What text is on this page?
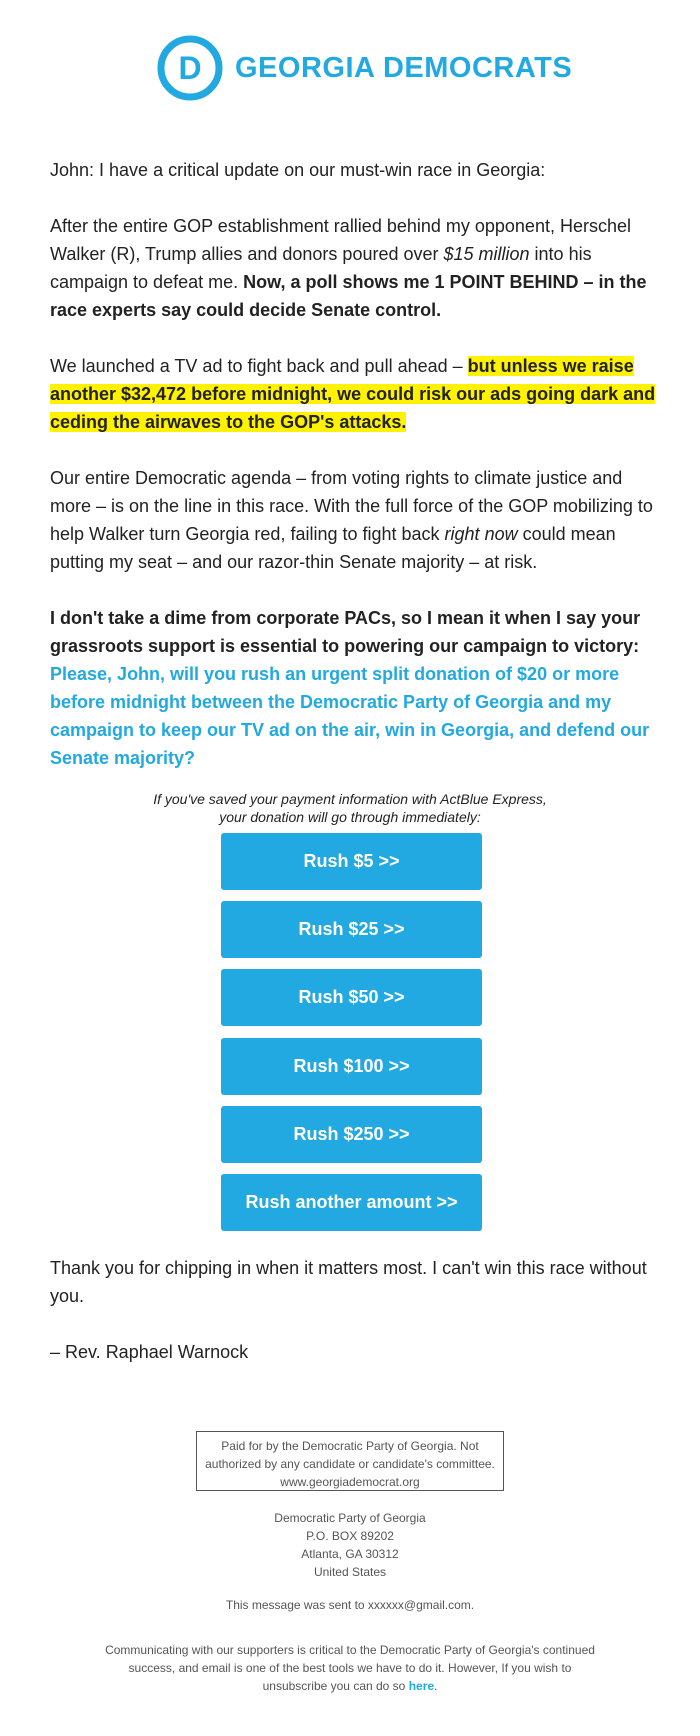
D GEORGIA DEMOCRATS
John: I have a critical update on our must-win race in Georgia:
After the entire GOP establishment rallied behind my opponent, Herschel Walker (R), Trump allies and donors poured over $15 million into his campaign to defeat me. Now, a poll shows me 1 POINT BEHIND – in the race experts say could decide Senate control.
We launched a TV ad to fight back and pull ahead – but unless we raise another $32,472 before midnight, we could risk our ads going dark and ceding the airwaves to the GOP's attacks.
Our entire Democratic agenda – from voting rights to climate justice and more – is on the line in this race. With the full force of the GOP mobilizing to help Walker turn Georgia red, failing to fight back right now could mean putting my seat – and our razor-thin Senate majority – at risk.
I don't take a dime from corporate PACs, so I mean it when I say your grassroots support is essential to powering our campaign to victory: Please, John, will you rush an urgent split donation of $20 or more before midnight between the Democratic Party of Georgia and my campaign to keep our TV ad on the air, win in Georgia, and defend our Senate majority?
If you've saved your payment information with ActBlue Express,
your donation will go through immediately:
Rush $5 >>
Rush $25 >>
Rush $50 >>
Rush $100 >>
Rush $250 >>
Rush another amount >>
Thank you for chipping in when it matters most. I can't win this race without you.
– Rev. Raphael Warnock
Paid for by the Democratic Party of Georgia. Not
authorized by any candidate or candidate's committee.
www.georgiademocrat.org
Democratic Party of Georgia
P.O. BOX 89202
Atlanta, GA 30312
United States
This message was sent to xxxxxx@gmail.com.
Communicating with our supporters is critical to the Democratic Party of Georgia's continued success, and email is one of the best tools we have to do it. However, If you wish to unsubscribe you can do so here.
